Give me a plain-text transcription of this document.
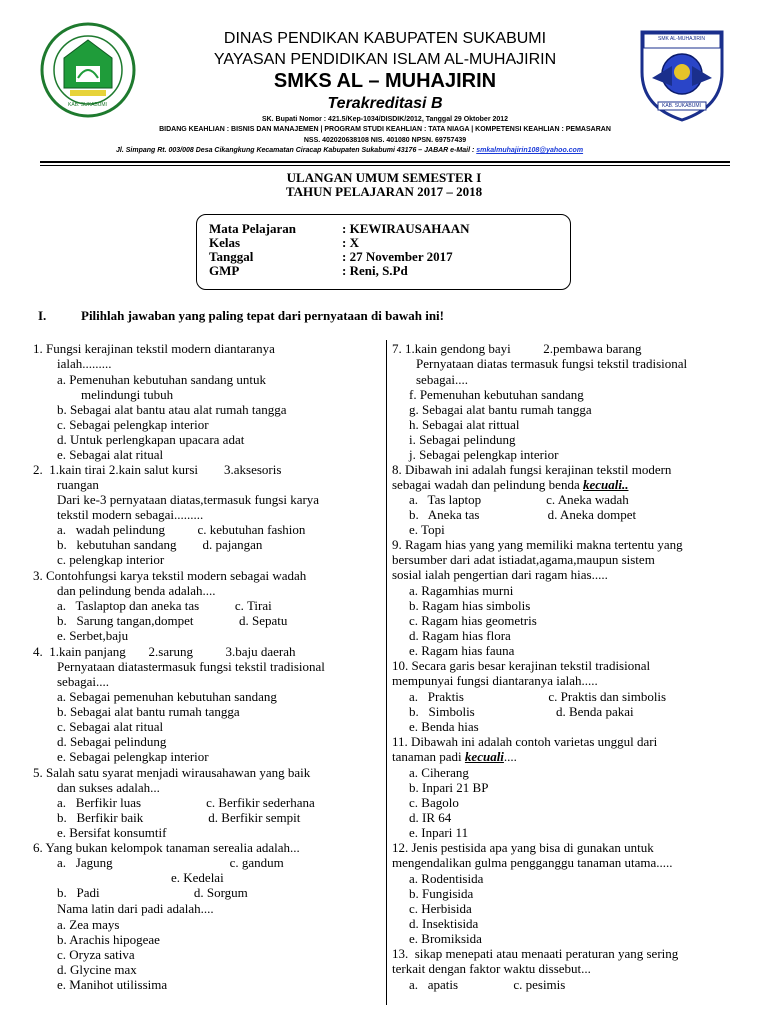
KAB. SUKABUMI
SMK AL-MUHAJIRIN
KAB. SUKABUMI
DINAS PENDIKAN KABUPATEN SUKABUMI
YAYASAN PENDIDIKAN ISLAM AL-MUHAJIRIN
SMKS AL – MUHAJIRIN
Terakreditasi B
SK. Bupati Nomor : 421.5/Kep-1034/DISDIK/2012, Tanggal 29 Oktober 2012
BIDANG KEAHLIAN : BISNIS DAN MANAJEMEN | PROGRAM STUDI KEAHLIAN : TATA NIAGA | KOMPETENSI KEAHLIAN : PEMASARAN
NSS. 402020638108 NIS. 401080 NPSN. 69757439
Jl. Simpang Rt. 003/008 Desa Cikangkung Kecamatan Ciracap Kabupaten Sukabumi 43176 – JABAR e-Mail : smkalmuhajirin108@yahoo.com
ULANGAN UMUM SEMESTER I
TAHUN PELAJARAN 2017 – 2018
Mata Pelajaran	: KEWIRAUSAHAAN
Kelas	: X
Tanggal	: 27 November 2017
GMP	: Reni, S.Pd
I.	Pilihlah jawaban yang paling tepat dari pernyataan di bawah ini!
1. Fungsi kerajinan tekstil modern diantaranya
ialah.........
a. Pemenuhan kebutuhan sandang untuk
melindungi tubuh
b. Sebagai alat bantu atau alat rumah tangga
c. Sebagai pelengkap interior
d. Untuk perlengkapan upacara adat
e. Sebagai alat ritual
2.  1.kain tirai 2.kain salut kursi        3.aksesoris
ruangan
Dari ke-3 pernyataan diatas,termasuk fungsi karya
tekstil modern sebagai.........
a.   wadah pelindung          c. kebutuhan fashion
b.   kebutuhan sandang        d. pajangan
c. pelengkap interior
3. Contohfungsi karya tekstil modern sebagai wadah
dan pelindung benda adalah....
a.   Taslaptop dan aneka tas           c. Tirai
b.   Sarung tangan,dompet              d. Sepatu
e. Serbet,baju
4.  1.kain panjang       2.sarung          3.baju daerah
Pernyataan diatastermasuk fungsi tekstil tradisional
sebagai....
a. Sebagai pemenuhan kebutuhan sandang
b. Sebagai alat bantu rumah tangga
c. Sebagai alat ritual
d. Sebagai pelindung
e. Sebagai pelengkap interior
5. Salah satu syarat menjadi wirausahawan yang baik
dan sukses adalah...
a.   Berfikir luas                    c. Berfikir sederhana
b.   Berfikir baik                    d. Berfikir sempit
e. Bersifat konsumtif
6. Yang bukan kelompok tanaman serealia adalah...
a.   Jagung                                    c. gandum
e. Kedelai
b.   Padi                             d. Sorgum
Nama latin dari padi adalah....
a. Zea mays
b. Arachis hipogeae
c. Oryza sativa
d. Glycine max
e. Manihot utilissima
7. 1.kain gendong bayi          2.pembawa barang
Pernyataan diatas termasuk fungsi tekstil tradisional
sebagai....
f. Pemenuhan kebutuhan sandang
g. Sebagai alat bantu rumah tangga
h. Sebagai alat rittual
i. Sebagai pelindung
j. Sebagai pelengkap interior
8. Dibawah ini adalah fungsi kerajinan tekstil modern
sebagai wadah dan pelindung benda kecuali..
a.   Tas laptop                    c. Aneka wadah
b.   Aneka tas                     d. Aneka dompet
e. Topi
9. Ragam hias yang yang memiliki makna tertentu yang
bersumber dari adat istiadat,agama,maupun sistem
sosial ialah pengertian dari ragam hias.....
a. Ragamhias murni
b. Ragam hias simbolis
c. Ragam hias geometris
d. Ragam hias flora
e. Ragam hias fauna
10. Secara garis besar kerajinan tekstil tradisional
mempunyai fungsi diantaranya ialah.....
a.   Praktis                          c. Praktis dan simbolis
b.   Simbolis                         d. Benda pakai
e. Benda hias
11. Dibawah ini adalah contoh varietas unggul dari
tanaman padi kecuali....
a. Ciherang
b. Inpari 21 BP
c. Bagolo
d. IR 64
e. Inpari 11
12. Jenis pestisida apa yang bisa di gunakan untuk
mengendalikan gulma pengganggu tanaman utama.....
a. Rodentisida
b. Fungisida
c. Herbisida
d. Insektisida
e. Bromiksida
13.  sikap menepati atau menaati peraturan yang sering
terkait dengan faktor waktu dissebut...
a.   apatis                 c. pesimis
